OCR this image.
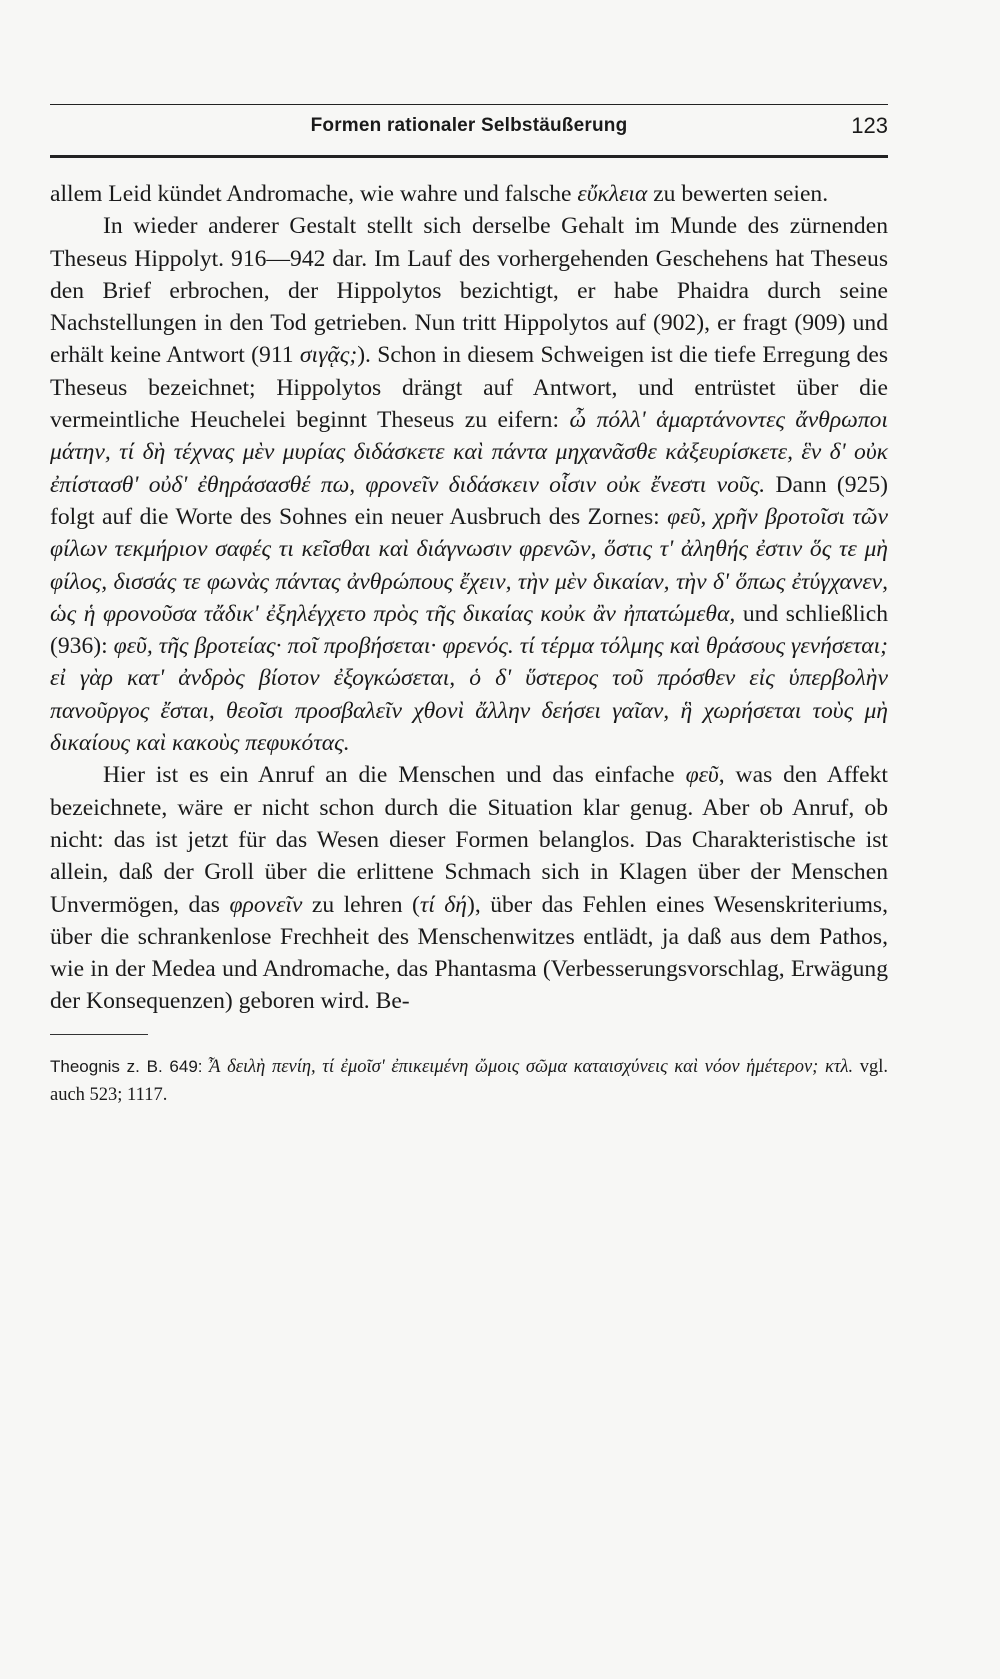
Formen rationaler Selbstäußerung	123

allem Leid kündet Andromache, wie wahre und falsche εὔκλεια zu bewerten seien.

In wieder anderer Gestalt stellt sich derselbe Gehalt im Munde des zürnenden Theseus Hippolyt. 916—942 dar. Im Lauf des vorhergehenden Geschehens hat Theseus den Brief erbrochen, der Hippolytos bezichtigt, er habe Phaidra durch seine Nachstellungen in den Tod getrieben. Nun tritt Hippolytos auf (902), er fragt (909) und erhält keine Antwort (911 σιγᾷς;). Schon in diesem Schweigen ist die tiefe Erregung des Theseus bezeichnet; Hippolytos drängt auf Antwort, und entrüstet über die vermeintliche Heuchelei beginnt Theseus zu eifern: ὦ πόλλ' ἁμαρτάνοντες ἄνθρωποι μάτην, τί δὴ τέχνας μὲν μυρίας διδάσκετε καὶ πάντα μηχανᾶσθε κἀξευρίσκετε, ἓν δ' οὐκ ἐπίστασθ' οὐδ' ἐθηράσασθέ πω, φρονεῖν διδάσκειν οἷσιν οὐκ ἔνεστι νοῦς. Dann (925) folgt auf die Worte des Sohnes ein neuer Ausbruch des Zornes: φεῦ, χρῆν βροτοῖσι τῶν φίλων τεκμήριον σαφές τι κεῖσθαι καὶ διάγνωσιν φρενῶν, ὅστις τ' ἀληθής ἐστιν ὅς τε μὴ φίλος, δισσάς τε φωνὰς πάντας ἀνθρώπους ἔχειν, τὴν μὲν δικαίαν, τὴν δ' ὅπως ἐτύγχανεν, ὡς ἡ φρονοῦσα τἄδικ' ἐξηλέγχετο πρὸς τῆς δικαίας κοὐκ ἂν ἠπατώμεθα, und schließlich (936): φεῦ, τῆς βροτείας· ποῖ προβήσεται· φρενός. τί τέρμα τόλμης καὶ θράσους γενήσεται; εἰ γὰρ κατ' ἀνδρὸς βίοτον ἐξογκώσεται, ὁ δ' ὕστερος τοῦ πρόσθεν εἰς ὑπερβολὴν πανοῦργος ἔσται, θεοῖσι προσβαλεῖν χθονὶ ἄλλην δεήσει γαῖαν, ἣ χωρήσεται τοὺς μὴ δικαίους καὶ κακοὺς πεφυκότας.

Hier ist es ein Anruf an die Menschen und das einfache φεῦ, was den Affekt bezeichnete, wäre er nicht schon durch die Situation klar genug. Aber ob Anruf, ob nicht: das ist jetzt für das Wesen dieser Formen belanglos. Das Charakteristische ist allein, daß der Groll über die erlittene Schmach sich in Klagen über der Menschen Unvermögen, das φρονεῖν zu lehren (τί δή), über das Fehlen eines Wesenskriteriums, über die schrankenlose Frechheit des Menschenwitzes entlädt, ja daß aus dem Pathos, wie in der Medea und Andromache, das Phantasma (Verbesserungsvorschlag, Erwägung der Konsequenzen) geboren wird. Be-

Theognis z. B. 649: Ἆ δειλὴ πενίη, τί ἐμοῖσ' ἐπικειμένη ὤμοις σῶμα καταισχύνεις καὶ νόον ἡμέτερον; κτλ. vgl. auch 523; 1117.
